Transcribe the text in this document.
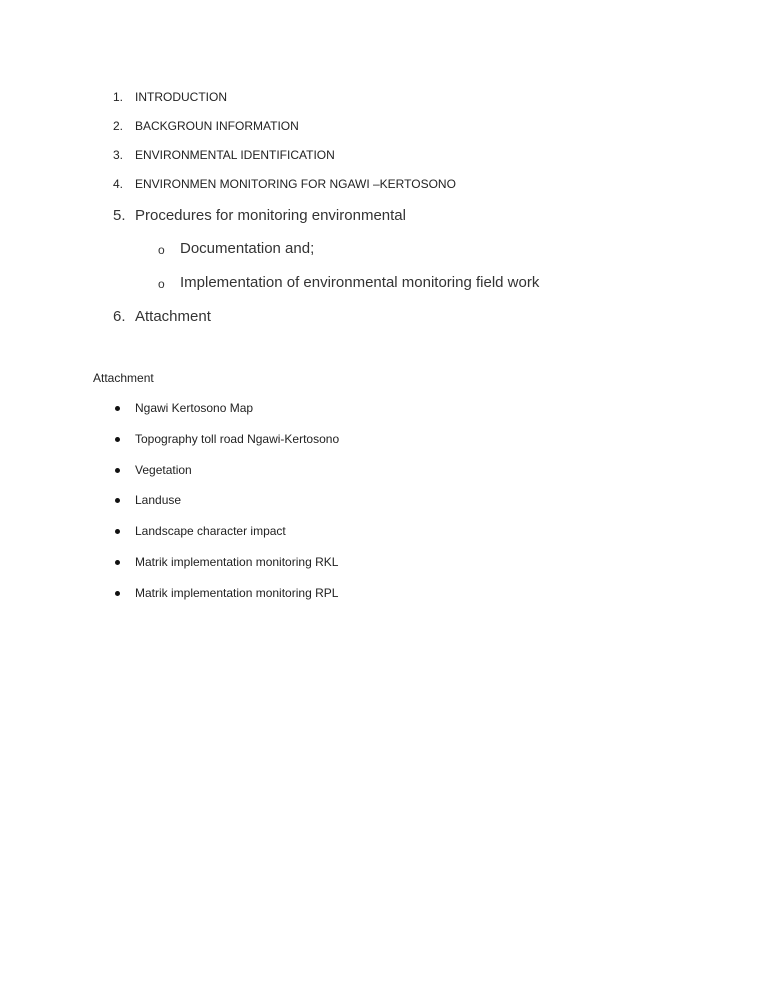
1. INTRODUCTION
2. BACKGROUN INFORMATION
3. ENVIRONMENTAL IDENTIFICATION
4. ENVIRONMEN MONITORING FOR NGAWI –KERTOSONO
5. Procedures for monitoring environmental
o Documentation and;
o Implementation of environmental monitoring field work
6. Attachment
Attachment
Ngawi Kertosono Map
Topography toll road Ngawi-Kertosono
Vegetation
Landuse
Landscape character impact
Matrik implementation monitoring RKL
Matrik implementation monitoring RPL
